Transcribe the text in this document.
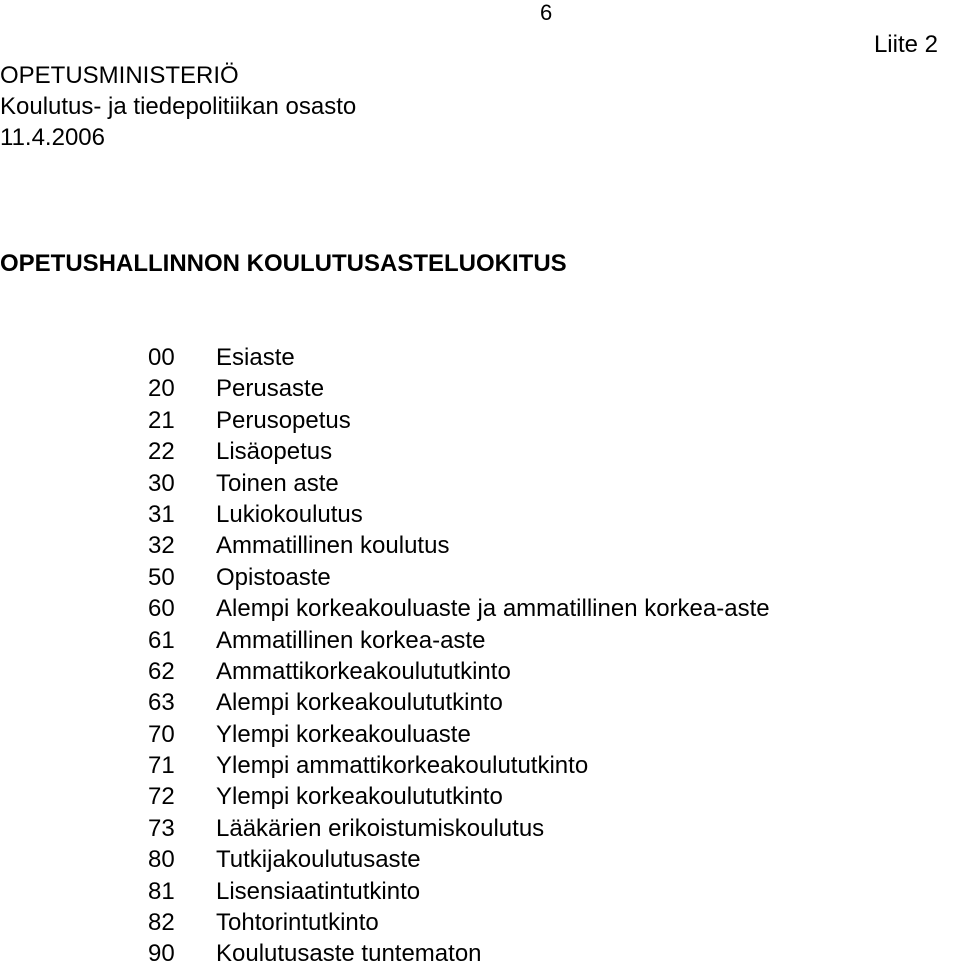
6
Liite 2
OPETUSMINISTERIÖ
Koulutus- ja tiedepolitiikan osasto
11.4.2006
OPETUSHALLINNON KOULUTUSASTELUOKITUS
00	Esiaste
20	Perusaste
21	Perusopetus
22	Lisäopetus
30	Toinen aste
31	Lukiokoulutus
32	Ammatillinen koulutus
50	Opistoaste
60	Alempi korkeakouluaste ja ammatillinen korkea-aste
61	Ammatillinen korkea-aste
62	Ammattikorkeakoulututkinto
63	Alempi korkeakoulututkinto
70	Ylempi korkeakouluaste
71	Ylempi ammattikorkeakoulututkinto
72	Ylempi korkeakoulututkinto
73	Lääkärien erikoistumiskoulutus
80	Tutkijakoulutusaste
81	Lisensiaatintutkinto
82	Tohtorintutkinto
90	Koulutusaste tuntematon
